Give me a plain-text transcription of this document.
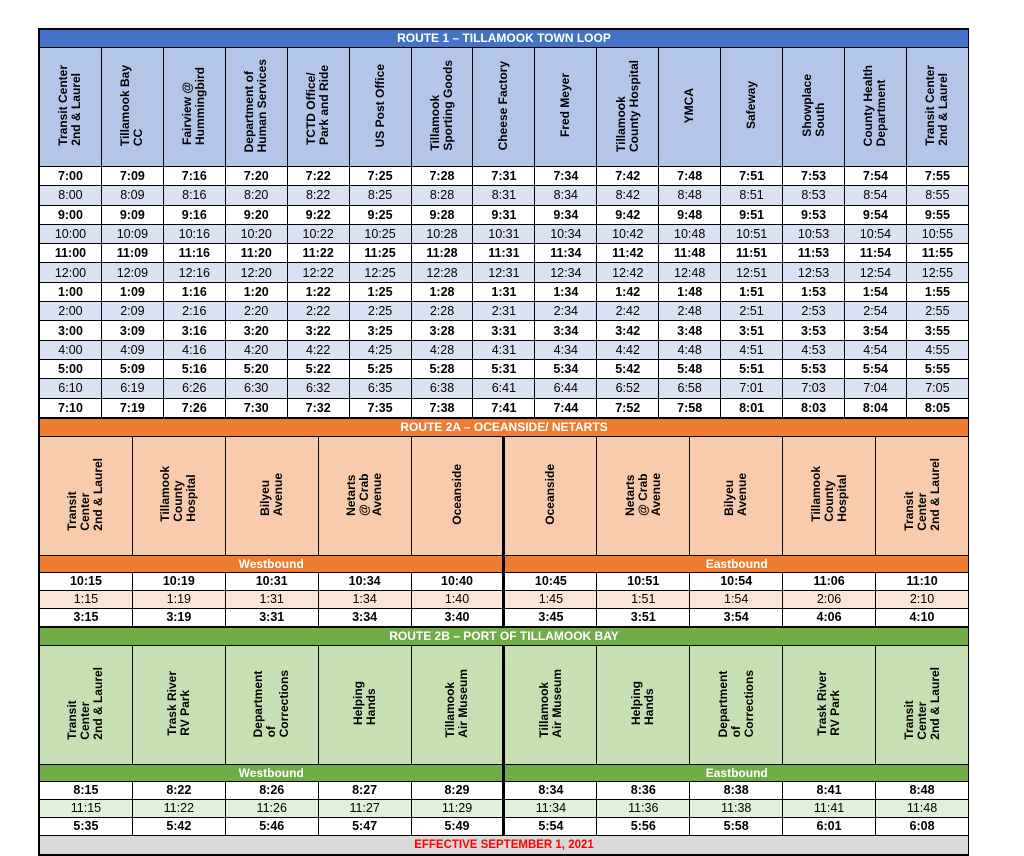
ROUTE 1 – TILLAMOOK TOWN LOOP														
Transit Center
2nd & Laurel	Tillamook Bay
CC	Fairview @
Hummingbird	Department of
Human Services	TCTD Office/
Park and Ride	US Post Office	Tillamook
Sporting Goods	Cheese Factory	Fred Meyer	Tillamook
County Hospital	YMCA	Safeway	Showplace
South	County Health
Department	Transit Center
2nd & Laurel
7:00	7:09	7:16	7:20	7:22	7:25	7:28	7:31	7:34	7:42	7:48	7:51	7:53	7:54	7:55
8:00	8:09	8:16	8:20	8:22	8:25	8:28	8:31	8:34	8:42	8:48	8:51	8:53	8:54	8:55
9:00	9:09	9:16	9:20	9:22	9:25	9:28	9:31	9:34	9:42	9:48	9:51	9:53	9:54	9:55
10:00	10:09	10:16	10:20	10:22	10:25	10:28	10:31	10:34	10:42	10:48	10:51	10:53	10:54	10:55
11:00	11:09	11:16	11:20	11:22	11:25	11:28	11:31	11:34	11:42	11:48	11:51	11:53	11:54	11:55
12:00	12:09	12:16	12:20	12:22	12:25	12:28	12:31	12:34	12:42	12:48	12:51	12:53	12:54	12:55
1:00	1:09	1:16	1:20	1:22	1:25	1:28	1:31	1:34	1:42	1:48	1:51	1:53	1:54	1:55
2:00	2:09	2:16	2:20	2:22	2:25	2:28	2:31	2:34	2:42	2:48	2:51	2:53	2:54	2:55
3:00	3:09	3:16	3:20	3:22	3:25	3:28	3:31	3:34	3:42	3:48	3:51	3:53	3:54	3:55
4:00	4:09	4:16	4:20	4:22	4:25	4:28	4:31	4:34	4:42	4:48	4:51	4:53	4:54	4:55
5:00	5:09	5:16	5:20	5:22	5:25	5:28	5:31	5:34	5:42	5:48	5:51	5:53	5:54	5:55
6:10	6:19	6:26	6:30	6:32	6:35	6:38	6:41	6:44	6:52	6:58	7:01	7:03	7:04	7:05
7:10	7:19	7:26	7:30	7:32	7:35	7:38	7:41	7:44	7:52	7:58	8:01	8:03	8:04	8:05
ROUTE 2A – OCEANSIDE/ NETARTS									
Transit
Center
2nd & Laurel	Tillamook
County
Hospital	Bilyeu
Avenue	Netarts
@ Crab
Avenue	Oceanside	Oceanside	Netarts
@ Crab
Avenue	Bilyeu
Avenue	Tillamook
County
Hospital	Transit
Center
2nd & Laurel
Westbound					Eastbound				
10:15	10:19	10:31	10:34	10:40	10:45	10:51	10:54	11:06	11:10
1:15	1:19	1:31	1:34	1:40	1:45	1:51	1:54	2:06	2:10
3:15	3:19	3:31	3:34	3:40	3:45	3:51	3:54	4:06	4:10
ROUTE 2B – PORT OF TILLAMOOK BAY									
Transit
Center
2nd & Laurel	Trask River
RV Park	Department
of
Corrections	Helping
Hands	Tillamook
Air Museum	Tillamook
Air Museum	Helping
Hands	Department
of
Corrections	Trask River
RV Park	Transit
Center
2nd & Laurel
Westbound					Eastbound				
8:15	8:22	8:26	8:27	8:29	8:34	8:36	8:38	8:41	8:48
11:15	11:22	11:26	11:27	11:29	11:34	11:36	11:38	11:41	11:48
5:35	5:42	5:46	5:47	5:49	5:54	5:56	5:58	6:01	6:08
EFFECTIVE SEPTEMBER 1, 2021									
